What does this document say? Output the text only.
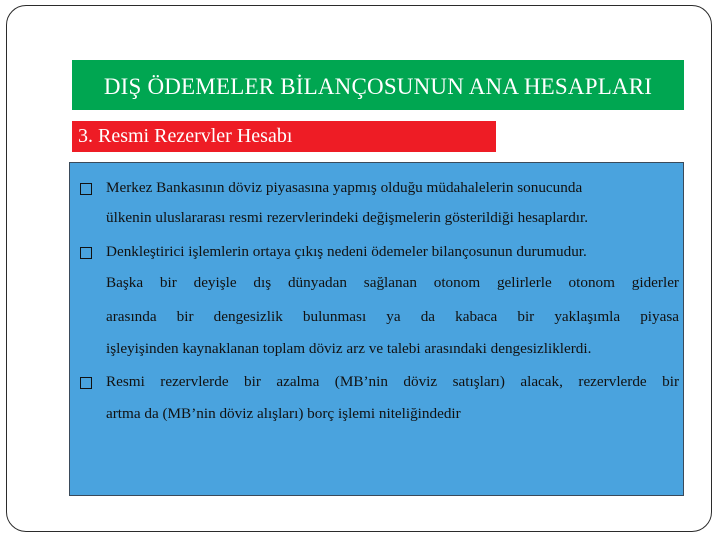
DIŞ ÖDEMELER BİLANÇOSUNUN ANA HESAPLARI
3. Resmi Rezervler Hesabı
Merkez Bankasının döviz piyasasına yapmış olduğu müdahalelerin sonucunda
ülkenin uluslararası resmi rezervlerindeki değişmelerin gösterildiği hesaplardır.
Denkleştirici işlemlerin ortaya çıkış nedeni ödemeler bilançosunun durumudur.
Başka bir deyişle dış dünyadan sağlanan otonom gelirlerle otonom giderler
arasında bir dengesizlik bulunması ya da kabaca bir yaklaşımla piyasa
işleyişinden kaynaklanan toplam döviz arz ve talebi arasındaki dengesizliklerdi.
Resmi rezervlerde bir azalma (MB’nin döviz satışları) alacak, rezervlerde bir
artma da (MB’nin döviz alışları) borç işlemi niteliğindedir
